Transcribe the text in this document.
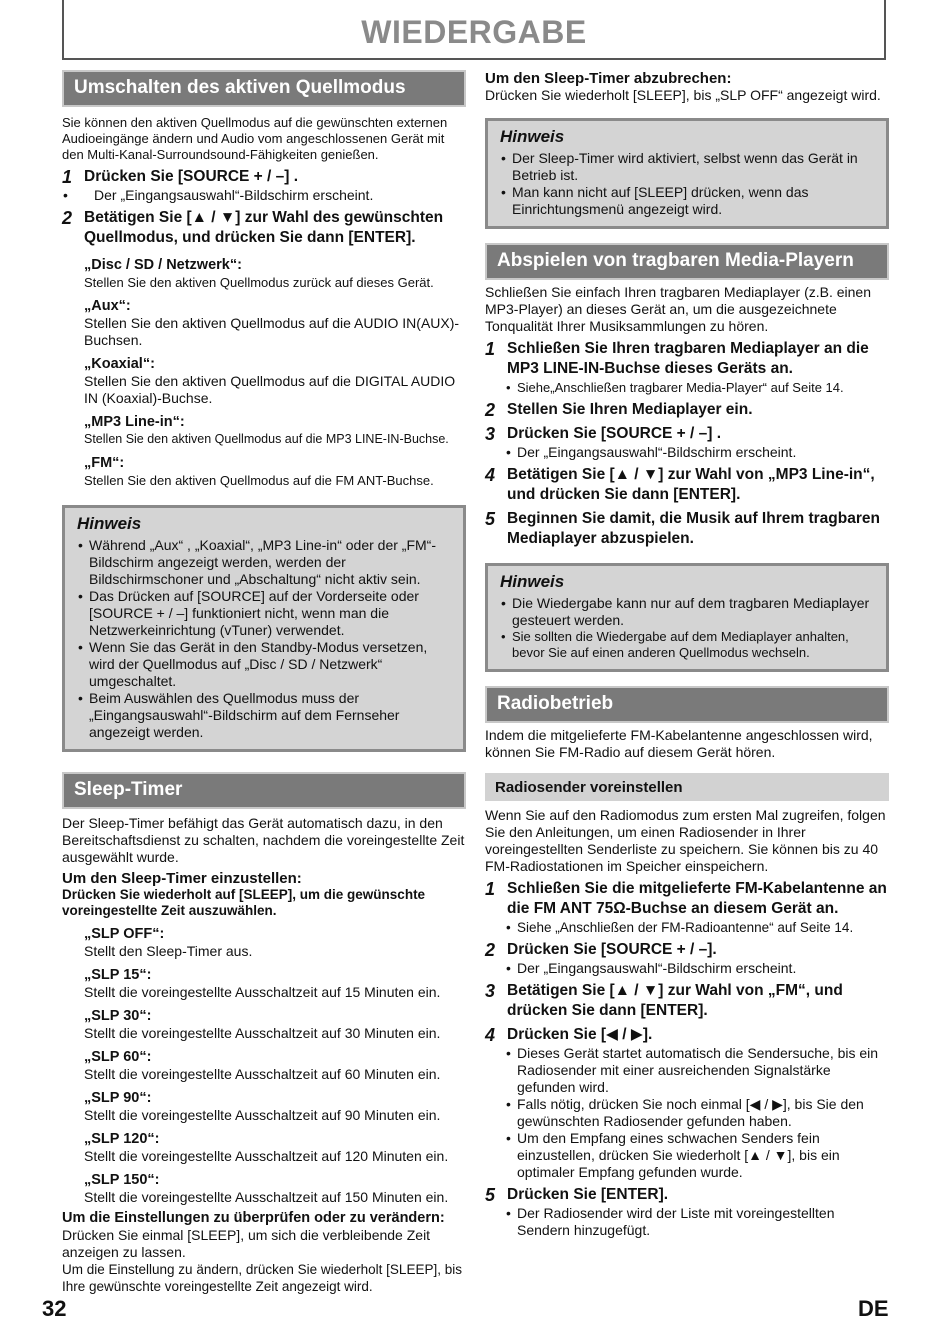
WIEDERGABE
Umschalten des aktiven Quellmodus
Sie können den aktiven Quellmodus auf die gewünschten externen Audioeingänge ändern und Audio vom angeschlossenen Gerät mit den Multi-Kanal-Surroundsound-Fähigkeiten genießen.
1 Drücken Sie [SOURCE + / –] .
• Der „Eingangsauswahl“-Bildschirm erscheint.
2 Betätigen Sie [▲ / ▼] zur Wahl des gewünschten Quellmodus, und drücken Sie dann [ENTER].
„Disc / SD / Netzwerk“:
Stellen Sie den aktiven Quellmodus zurück auf dieses Gerät.
„Aux“:
Stellen Sie den aktiven Quellmodus auf die AUDIO IN(AUX)-Buchsen.
„Koaxial“:
Stellen Sie den aktiven Quellmodus auf die DIGITAL AUDIO IN (Koaxial)-Buchse.
„MP3 Line-in“:
Stellen Sie den aktiven Quellmodus auf die MP3 LINE-IN-Buchse.
„FM“:
Stellen Sie den aktiven Quellmodus auf die FM ANT-Buchse.
Hinweis
• Während „Aux“ , „Koaxial“, „MP3 Line-in“ oder der „FM“-Bildschirm angezeigt werden, werden der Bildschirmschoner und „Abschaltung“ nicht aktiv sein.
• Das Drücken auf [SOURCE] auf der Vorderseite oder [SOURCE + / –] funktioniert nicht, wenn man die Netzwerkeinrichtung (vTuner) verwendet.
• Wenn Sie das Gerät in den Standby-Modus versetzen, wird der Quellmodus auf „Disc / SD / Netzwerk“ umgeschaltet.
• Beim Auswählen des Quellmodus muss der „Eingangsauswahl“-Bildschirm auf dem Fernseher angezeigt werden.
Sleep-Timer
Der Sleep-Timer befähigt das Gerät automatisch dazu, in den Bereitschaftsdienst zu schalten, nachdem die voreingestellte Zeit ausgewählt wurde.
Um den Sleep-Timer einzustellen:
Drücken Sie wiederholt auf [SLEEP], um die gewünschte voreingestellte Zeit auszuwählen.
„SLP OFF“:
Stellt den Sleep-Timer aus.
„SLP 15“:
Stellt die voreingestellte Ausschaltzeit auf 15 Minuten ein.
„SLP 30“:
Stellt die voreingestellte Ausschaltzeit auf 30 Minuten ein.
„SLP 60“:
Stellt die voreingestellte Ausschaltzeit auf 60 Minuten ein.
„SLP 90“:
Stellt die voreingestellte Ausschaltzeit auf 90 Minuten ein.
„SLP 120“:
Stellt die voreingestellte Ausschaltzeit auf 120 Minuten ein.
„SLP 150“:
Stellt die voreingestellte Ausschaltzeit auf 150 Minuten ein.
Um die Einstellungen zu überprüfen oder zu verändern:
Drücken Sie einmal [SLEEP], um sich die verbleibende Zeit anzeigen zu lassen.
Um die Einstellung zu ändern, drücken Sie wiederholt [SLEEP], bis Ihre gewünschte voreingestellte Zeit angezeigt wird.
Um den Sleep-Timer abzubrechen:
Drücken Sie wiederholt [SLEEP], bis „SLP OFF“ angezeigt wird.
Hinweis
• Der Sleep-Timer wird aktiviert, selbst wenn das Gerät in Betrieb ist.
• Man kann nicht auf [SLEEP] drücken, wenn das Einrichtungsmenü angezeigt wird.
Abspielen von tragbaren Media-Playern
Schließen Sie einfach Ihren tragbaren Mediaplayer (z.B. einen MP3-Player) an dieses Gerät an, um die ausgezeichnete Tonqualität Ihrer Musiksammlungen zu hören.
1 Schließen Sie Ihren tragbaren Mediaplayer an die MP3 LINE-IN-Buchse dieses Geräts an.
• Siehe„Anschließen tragbarer Media-Player“ auf Seite 14.
2 Stellen Sie Ihren Mediaplayer ein.
3 Drücken Sie [SOURCE + / –] .
• Der „Eingangsauswahl“-Bildschirm erscheint.
4 Betätigen Sie [▲ / ▼] zur Wahl von „MP3 Line-in“, und drücken Sie dann [ENTER].
5 Beginnen Sie damit, die Musik auf Ihrem tragbaren Mediaplayer abzuspielen.
Hinweis
• Die Wiedergabe kann nur auf dem tragbaren Mediaplayer gesteuert werden.
• Sie sollten die Wiedergabe auf dem Mediaplayer anhalten, bevor Sie auf einen anderen Quellmodus wechseln.
Radiobetrieb
Indem die mitgelieferte FM-Kabelantenne angeschlossen wird, können Sie FM-Radio auf diesem Gerät hören.
Radiosender voreinstellen
Wenn Sie auf den Radiomodus zum ersten Mal zugreifen, folgen Sie den Anleitungen, um einen Radiosender in Ihrer voreingestellten Senderliste zu speichern. Sie können bis zu 40 FM-Radiostationen im Speicher einspeichern.
1 Schließen Sie die mitgelieferte FM-Kabelantenne an die FM ANT 75Ω-Buchse an diesem Gerät an.
• Siehe „Anschließen der FM-Radioantenne“ auf Seite 14.
2 Drücken Sie [SOURCE + / –].
• Der „Eingangsauswahl“-Bildschirm erscheint.
3 Betätigen Sie [▲ / ▼] zur Wahl von „FM“, und drücken Sie dann [ENTER].
4 Drücken Sie [◀ / ▶].
• Dieses Gerät startet automatisch die Sendersuche, bis ein Radiosender mit einer ausreichenden Signalstärke gefunden wird.
• Falls nötig, drücken Sie noch einmal [◀ / ▶], bis Sie den gewünschten Radiosender gefunden haben.
• Um den Empfang eines schwachen Senders fein einzustellen, drücken Sie wiederholt [▲ / ▼], bis ein optimaler Empfang gefunden wurde.
5 Drücken Sie [ENTER].
• Der Radiosender wird der Liste mit voreingestellten Sendern hinzugefügt.
32	DE
